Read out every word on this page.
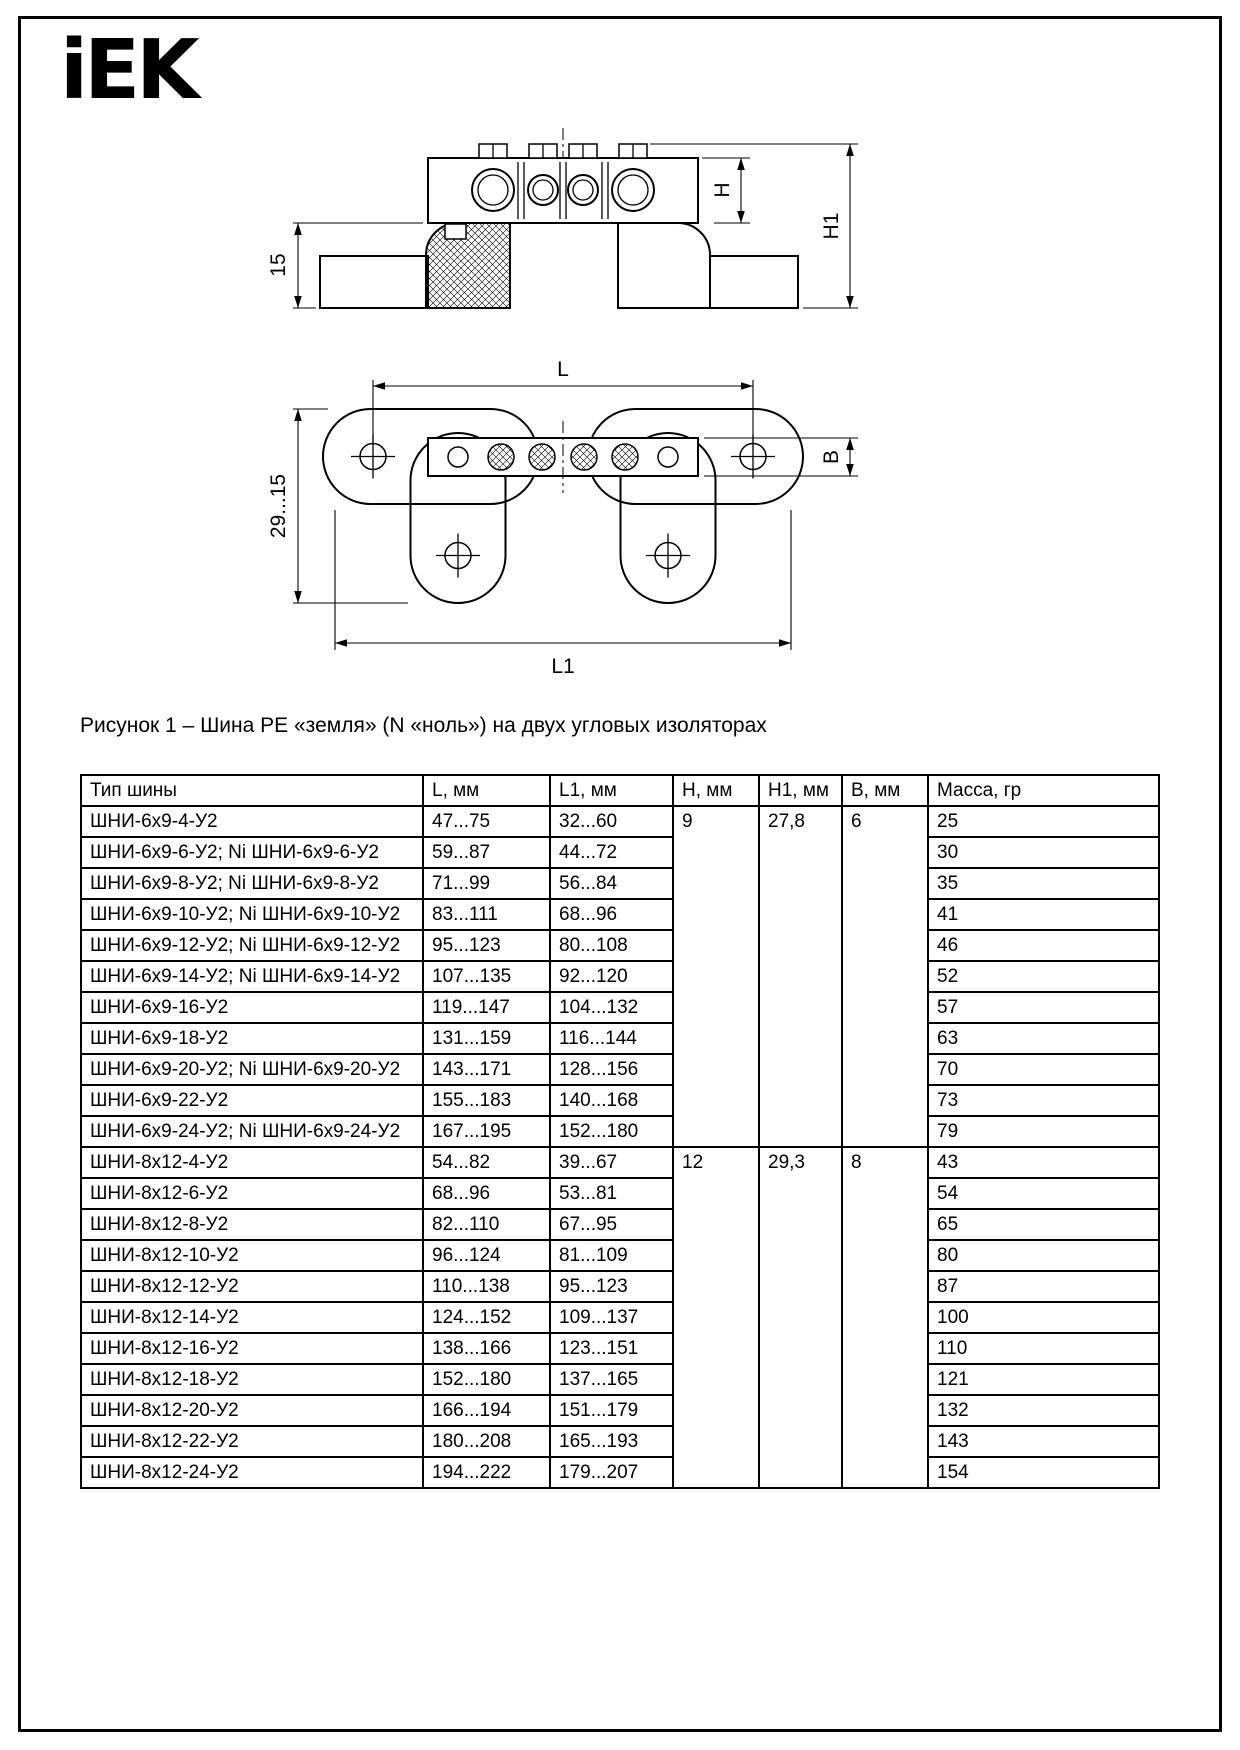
iEK
15
H
H1
L
L1
29...15
B
Рисунок 1 – Шина PE «земля» (N «ноль») на двух угловых изоляторах
Тип шины	L, мм	L1, мм	Н, мм	Н1, мм	В, мм	Масса, гр
ШНИ-6х9-4-У2	47...75	32...60	9	27,8	6	25
ШНИ-6х9-6-У2; Ni ШНИ-6х9-6-У2	59...87	44...72				30
ШНИ-6х9-8-У2; Ni ШНИ-6х9-8-У2	71...99	56...84				35
ШНИ-6х9-10-У2; Ni ШНИ-6х9-10-У2	83...111	68...96				41
ШНИ-6х9-12-У2; Ni ШНИ-6х9-12-У2	95...123	80...108				46
ШНИ-6х9-14-У2; Ni ШНИ-6х9-14-У2	107...135	92...120				52
ШНИ-6х9-16-У2	119...147	104...132				57
ШНИ-6х9-18-У2	131...159	116...144				63
ШНИ-6х9-20-У2; Ni ШНИ-6х9-20-У2	143...171	128...156				70
ШНИ-6х9-22-У2	155...183	140...168				73
ШНИ-6х9-24-У2; Ni ШНИ-6х9-24-У2	167...195	152...180				79
ШНИ-8х12-4-У2	54...82	39...67	12	29,3	8	43
ШНИ-8х12-6-У2	68...96	53...81				54
ШНИ-8х12-8-У2	82...110	67...95				65
ШНИ-8х12-10-У2	96...124	81...109				80
ШНИ-8х12-12-У2	110...138	95...123				87
ШНИ-8х12-14-У2	124...152	109...137				100
ШНИ-8х12-16-У2	138...166	123...151				110
ШНИ-8х12-18-У2	152...180	137...165				121
ШНИ-8х12-20-У2	166...194	151...179				132
ШНИ-8х12-22-У2	180...208	165...193				143
ШНИ-8х12-24-У2	194...222	179...207				154
